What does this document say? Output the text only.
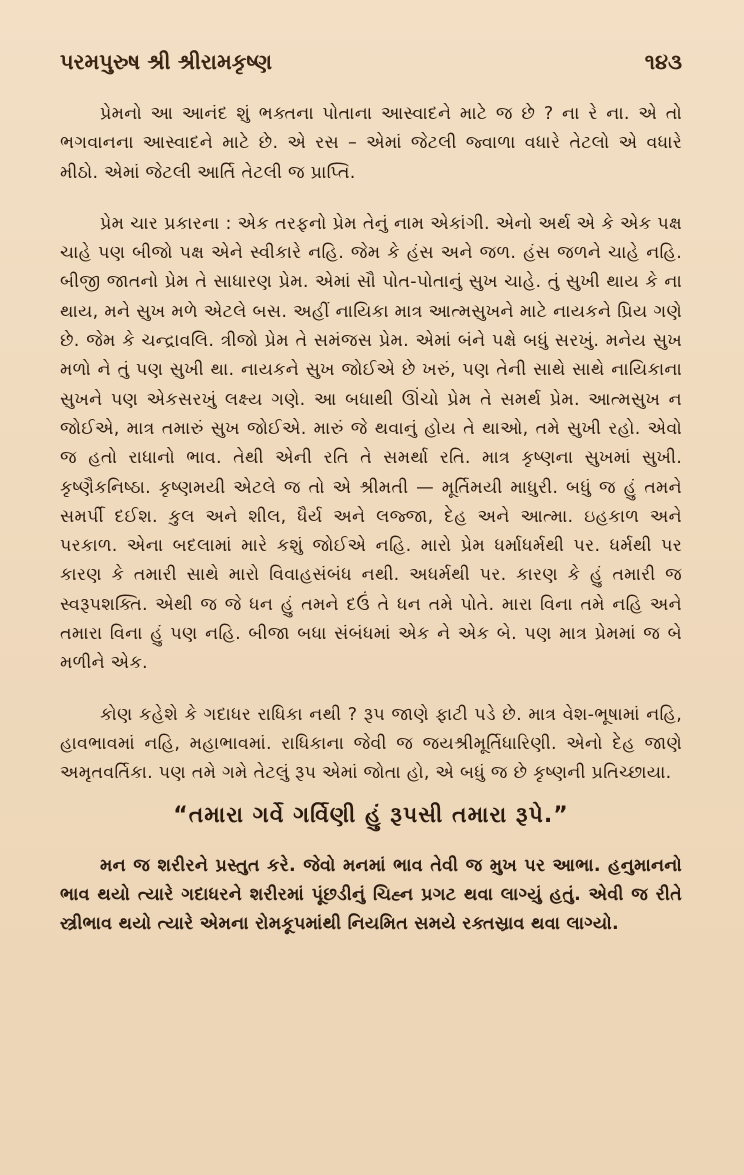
પરમપુરુષ શ્રી શ્રીરામકૃષ્ણ	૧૪૩

પ્રેમનો આ આનંદ શું ભક્તના પોતાના આસ્વાદને માટે જ છે ? ના રે ના. એ તો ભગવાનના આસ્વાદને માટે છે. એ રસ – એમાં જેટલી જ્વાળા વધારે તેટલો એ વધારે મીઠો. એમાં જેટલી આર્તિ તેટલી જ પ્રાપ્તિ.

પ્રેમ ચાર પ્રકારના : એક તરફનો પ્રેમ તેનું નામ એકાંગી. એનો અર્થ એ કે એક પક્ષ ચાહે પણ બીજો પક્ષ એને સ્વીકારે નહિ. જેમ કે હંસ અને જળ. હંસ જળને ચાહે નહિ. બીજી જાતનો પ્રેમ તે સાધારણ પ્રેમ. એમાં સૌ પોત-પોતાનું સુખ ચાહે. તું સુખી થાય કે ના થાય, મને સુખ મળે એટલે બસ. અહીં નાયિકા માત્ર આત્મસુખને માટે નાયકને પ્રિય ગણે છે. જેમ કે ચન્દ્રાવલિ. ત્રીજો પ્રેમ તે સમંજસ પ્રેમ. એમાં બંને પક્ષે બધું સરખું. મનેય સુખ મળો ને તું પણ સુખી થા. નાયકને સુખ જોઈએ છે ખરું, પણ તેની સાથે સાથે નાયિકાના સુખને પણ એકસરખું લક્ષ્ય ગણે. આ બધાથી ઊંચો પ્રેમ તે સમર્થ પ્રેમ. આત્મસુખ ન જોઈએ, માત્ર તમારું સુખ જોઈએ. મારું જે થવાનું હોય તે થાઓ, તમે સુખી રહો. એવો જ હતો રાધાનો ભાવ. તેથી એની રતિ તે સમર્થા રતિ. માત્ર કૃષ્ણના સુખમાં સુખી. કૃષ્ણૈકનિષ્ઠા. કૃષ્ણમયી એટલે જ તો એ શ્રીમતી — મૂર્તિમયી માધુરી. બધું જ હું તમને સમર્પી દઈશ. કુલ અને શીલ, ધૈર્ય અને લજ્જા, દેહ અને આત્મા. ઇહકાળ અને પરકાળ. એના બદલામાં મારે કશું જોઈએ નહિ. મારો પ્રેમ ધર્માધર્મથી પર. ધર્મથી પર કારણ કે તમારી સાથે મારો વિવાહસંબંધ નથી. અધર્મથી પર. કારણ કે હું તમારી જ સ્વરૂપશક્તિ. એથી જ જે ધન હું તમને દઉં તે ધન તમે પોતે. મારા વિના તમે નહિ અને તમારા વિના હું પણ નહિ. બીજા બધા સંબંધમાં એક ને એક બે. પણ માત્ર પ્રેમમાં જ બે મળીને એક.

કોણ કહેશે કે ગદાધર રાધિકા નથી ? રૂપ જાણે ફાટી પડે છે. માત્ર વેશ-ભૂષામાં નહિ, હાવભાવમાં નહિ, મહાભાવમાં. રાધિકાના જેવી જ જયશ્રીમૂર્તિધારિણી. એનો દેહ જાણે અમૃતવર્તિકા. પણ તમે ગમે તેટલું રૂપ એમાં જોતા હો, એ બધું જ છે કૃષ્ણની પ્રતિચ્છાયા.

“તમારા ગર્વે ગર્વિણી હું રૂપસી તમારા રૂપે.”

મન જ શરીરને પ્રસ્તુત કરે. જેવો મનમાં ભાવ તેવી જ મુખ પર આભા. હનુમાનનો ભાવ થયો ત્યારે ગદાધરને શરીરમાં પૂંછડીનું ચિહ્ન પ્રગટ થવા લાગ્યું હતું. એવી જ રીતે સ્ત્રીભાવ થયો ત્યારે એમના રોમકૂપમાંથી નિયમિત સમયે રક્તસ્રાવ થવા લાગ્યો.
